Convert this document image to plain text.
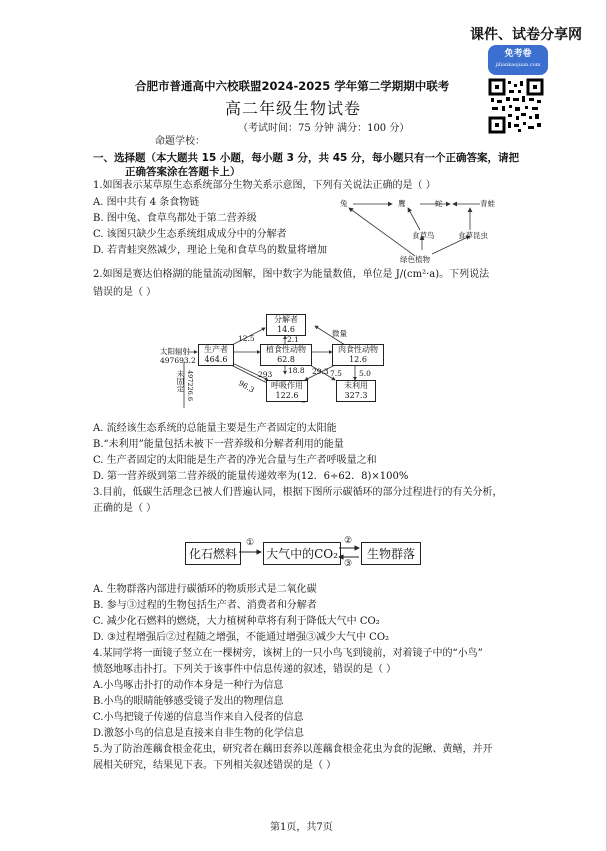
课件、试卷分享网
免考卷
jiliankaojuan.com
合肥市普通高中六校联盟2024-2025 学年第二学期期中联考
高二年级生物试卷
（考试时间：75 分钟 满分：100 分）
命题学校：
一、选择题（本大题共 15 小题，每小题 3 分，共 45 分，每小题只有一个正确答案，请把
正确答案涂在答题卡上）
1.如图表示某草原生态系统部分生物关系示意图，下列有关说法正确的是（ ）
A. 图中共有 4 条食物链
B. 图中兔、食草鸟都处于第二营养级
C. 该图只缺少生态系统组成成分中的分解者
D. 若青蛙突然减少，理论上兔和食草鸟的数量将增加
兔	鹰	蛇	青蛙
食草鸟	食草昆虫
绿色植物
2.如图是赛达伯格湖的能量流动图解，图中数字为能量数值，单位是 J/(cm²·a)。下列说法
错误的是（ ）
太阳辐射
497693.2
未固定 497226.6
生产者
464.6
植食性动物
62.8
肉食性动物
12.6
分解者
14.6
呼吸作用
122.6
未利用
327.3
12.5	2.1
微量
96.3
293 18.8 29.3 7.5 5.0
A. 流经该生态系统的总能量主要是生产者固定的太阳能
B.“未利用”能量包括未被下一营养级和分解者利用的能量
C. 生产者固定的太阳能是生产者的净光合量与生产者呼吸量之和
D. 第一营养级到第二营养级的能量传递效率为(12．6÷62．8)×100%
3.目前，低碳生活理念已被人们普遍认同，根据下图所示碳循环的部分过程进行的有关分析，
正确的是（ ）
化石燃料	大气中的CO₂	生物群落
①	②
③
A. 生物群落内部进行碳循环的物质形式是二氧化碳
B. 参与③过程的生物包括生产者、消费者和分解者
C. 减少化石燃料的燃烧，大力植树种草将有利于降低大气中 CO₂
D. ③过程增强后②过程随之增强，不能通过增强③减少大气中 CO₂
4.某同学将一面镜子竖立在一棵树旁，该树上的一只小鸟飞到镜前，对着镜子中的“小鸟”
愤怒地啄击扑打。下列关于该事件中信息传递的叙述，错误的是（ ）
A.小鸟啄击扑打的动作本身是一种行为信息
B.小鸟的眼睛能够感受镜子发出的物理信息
C.小鸟把镜子传递的信息当作来自入侵者的信息
D.激怒小鸟的信息是直接来自非生物的化学信息
5.为了防治莲藕食根金花虫，研究者在藕田套养以莲藕食根金花虫为食的泥鳅、黄鳝，并开
展相关研究，结果见下表。下列相关叙述错误的是（ ）
第1页，共7页
